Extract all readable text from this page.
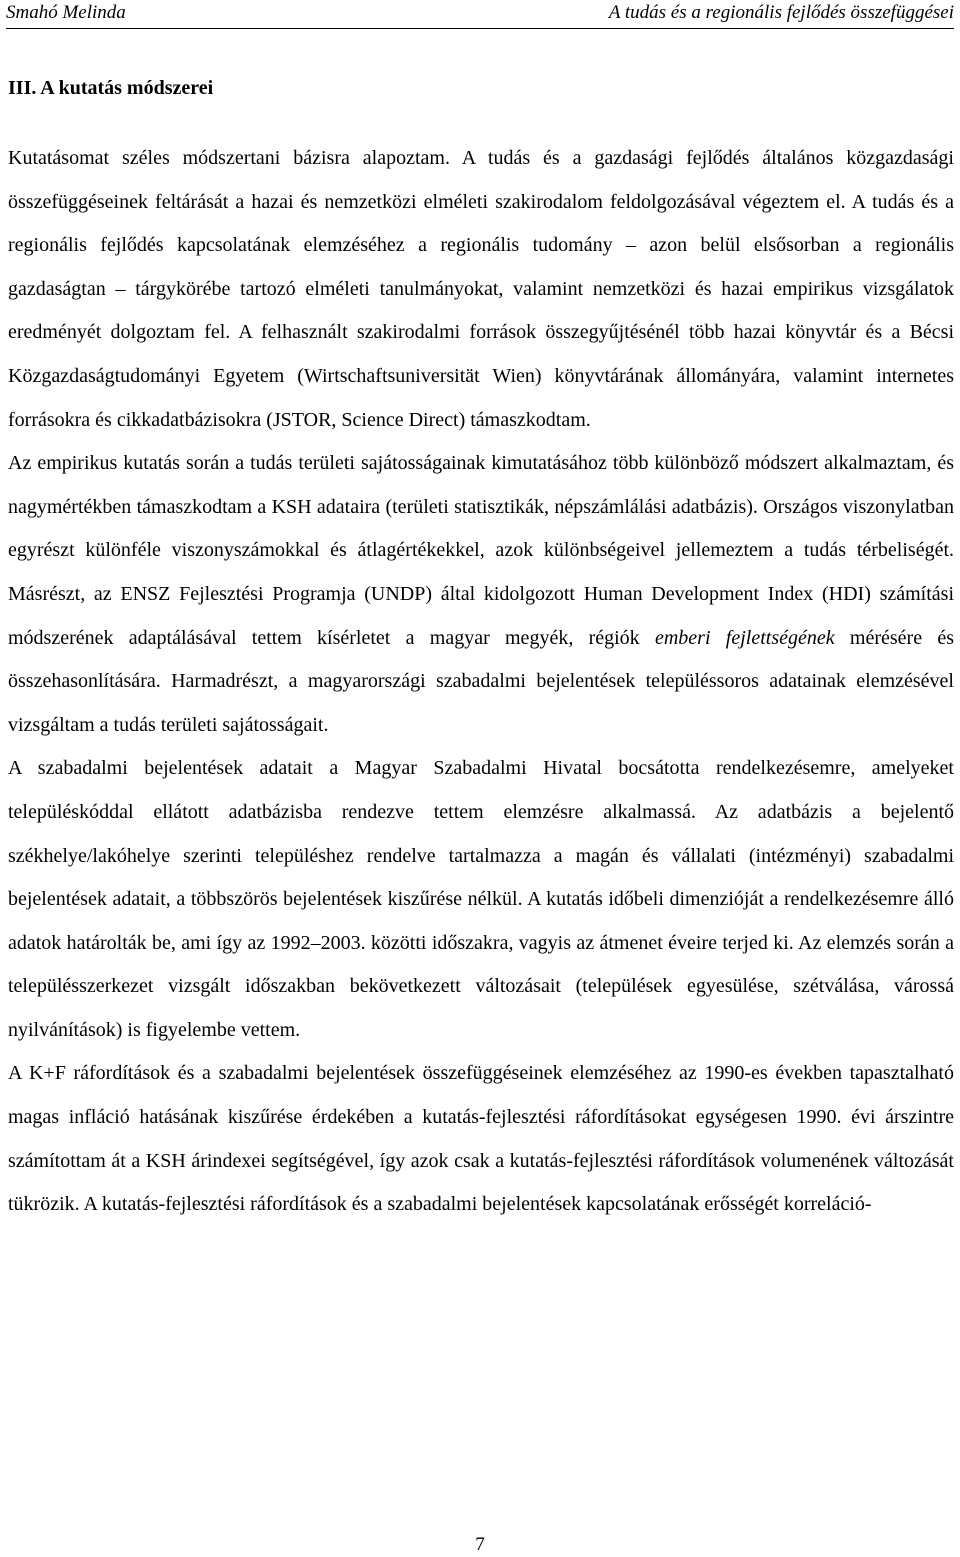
Smahó Melinda	A tudás és a regionális fejlődés összefüggései
III. A kutatás módszerei

Kutatásomat széles módszertani bázisra alapoztam. A tudás és a gazdasági fejlődés általános közgazdasági összefüggéseinek feltárását a hazai és nemzetközi elméleti szakirodalom feldolgozásával végeztem el. A tudás és a regionális fejlődés kapcsolatának elemzéséhez a regionális tudomány – azon belül elsősorban a regionális gazdaságtan – tárgykörébe tartozó elméleti tanulmányokat, valamint nemzetközi és hazai empirikus vizsgálatok eredményét dolgoztam fel. A felhasznált szakirodalmi források összegyűjtésénél több hazai könyvtár és a Bécsi Közgazdaságtudományi Egyetem (Wirtschaftsuniversität Wien) könyvtárának állományára, valamint internetes forrásokra és cikkadatbázisokra (JSTOR, Science Direct) támaszkodtam.

Az empirikus kutatás során a tudás területi sajátosságainak kimutatásához több különböző módszert alkalmaztam, és nagymértékben támaszkodtam a KSH adataira (területi statisztikák, népszámlálási adatbázis). Országos viszonylatban egyrészt különféle viszonyszámokkal és átlagértékekkel, azok különbségeivel jellemeztem a tudás térbeliségét. Másrészt, az ENSZ Fejlesztési Programja (UNDP) által kidolgozott Human Development Index (HDI) számítási módszerének adaptálásával tettem kísérletet a magyar megyék, régiók emberi fejlettségének mérésére és összehasonlítására. Harmadrészt, a magyarországi szabadalmi bejelentések településsoros adatainak elemzésével vizsgáltam a tudás területi sajátosságait.

A szabadalmi bejelentések adatait a Magyar Szabadalmi Hivatal bocsátotta rendelkezésemre, amelyeket településkóddal ellátott adatbázisba rendezve tettem elemzésre alkalmassá. Az adatbázis a bejelentő székhelye/lakóhelye szerinti településhez rendelve tartalmazza a magán és vállalati (intézményi) szabadalmi bejelentések adatait, a többszörös bejelentések kiszűrése nélkül. A kutatás időbeli dimenzióját a rendelkezésemre álló adatok határolták be, ami így az 1992–2003. közötti időszakra, vagyis az átmenet éveire terjed ki. Az elemzés során a településszerkezet vizsgált időszakban bekövetkezett változásait (települések egyesülése, szétválása, várossá nyilvánítások) is figyelembe vettem.

A K+F ráfordítások és a szabadalmi bejelentések összefüggéseinek elemzéséhez az 1990-es években tapasztalható magas infláció hatásának kiszűrése érdekében a kutatás-fejlesztési ráfordításokat egységesen 1990. évi árszintre számítottam át a KSH árindexei segítségével, így azok csak a kutatás-fejlesztési ráfordítások volumenének változását tükrözik. A kutatás-fejlesztési ráfordítások és a szabadalmi bejelentések kapcsolatának erősségét korreláció-

7
